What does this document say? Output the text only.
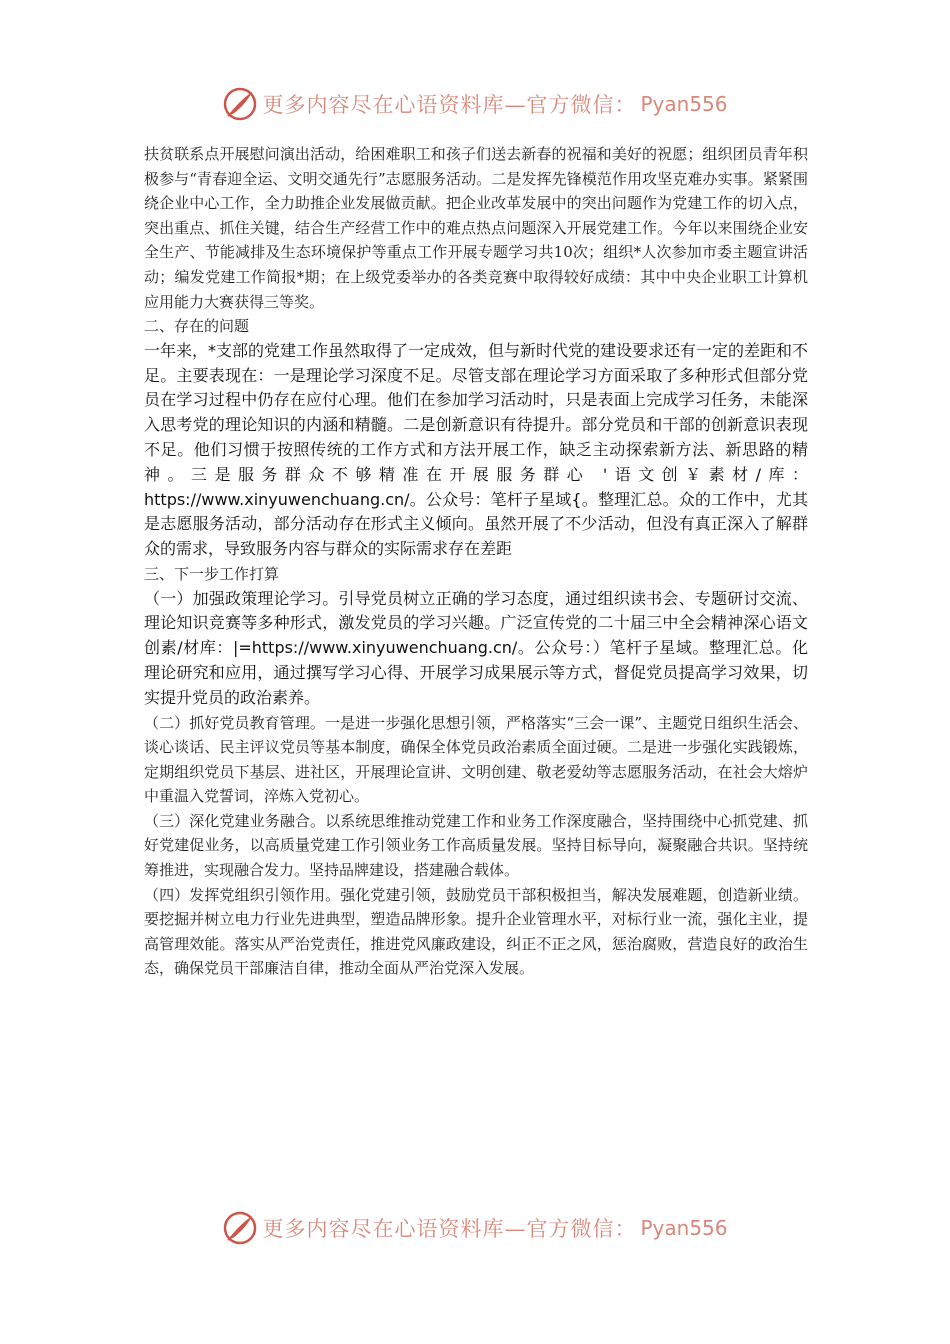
更多内容尽在心语资料库—官方微信： Pyan556

扶贫联系点开展慰问演出活动，给困难职工和孩子们送去新春的祝福和美好的祝愿；组织团员青年积极参与“青春迎全运、文明交通先行”志愿服务活动。二是发挥先锋模范作用攻坚克难办实事。紧紧围绕企业中心工作，全力助推企业发展做贡献。把企业改革发展中的突出问题作为党建工作的切入点，突出重点、抓住关键，结合生产经营工作中的难点热点问题深入开展党建工作。今年以来围绕企业安全生产、节能减排及生态环境保护等重点工作开展专题学习共10次；组织*人次参加市委主题宣讲活动；编发党建工作简报*期；在上级党委举办的各类竞赛中取得较好成绩：其中中央企业职工计算机应用能力大赛获得三等奖。

二、存在的问题

一年来，*支部的党建工作虽然取得了一定成效，但与新时代党的建设要求还有一定的差距和不足。主要表现在：一是理论学习深度不足。尽管支部在理论学习方面采取了多种形式但部分党员在学习过程中仍存在应付心理。他们在参加学习活动时，只是表面上完成学习任务，未能深入思考党的理论知识的内涵和精髓。二是创新意识有待提升。部分党员和干部的创新意识表现不足。他们习惯于按照传统的工作方式和方法开展工作，缺乏主动探索新方法、新思路的精神。三是服务群众不够精准在开展服务群心 '语文创￥素材/库：https://www.xinyuwenchuang.cn/。公众号：笔杆子星域{。整理汇总。众的工作中，尤其是志愿服务活动，部分活动存在形式主义倾向。虽然开展了不少活动，但没有真正深入了解群众的需求，导致服务内容与群众的实际需求存在差距

三、下一步工作打算

（一）加强政策理论学习。引导党员树立正确的学习态度，通过组织读书会、专题研讨交流、理论知识竞赛等多种形式，激发党员的学习兴趣。广泛宣传党的二十届三中全会精神深心语文创素/材库：|=https://www.xinyuwenchuang.cn/。公众号：）笔杆子星域。整理汇总。化理论研究和应用，通过撰写学习心得、开展学习成果展示等方式，督促党员提高学习效果，切实提升党员的政治素养。

（二）抓好党员教育管理。一是进一步强化思想引领，严格落实“三会一课”、主题党日组织生活会、谈心谈话、民主评议党员等基本制度，确保全体党员政治素质全面过硬。二是进一步强化实践锻炼，定期组织党员下基层、进社区，开展理论宣讲、文明创建、敬老爱幼等志愿服务活动，在社会大熔炉中重温入党誓词，淬炼入党初心。

（三）深化党建业务融合。以系统思维推动党建工作和业务工作深度融合，坚持围绕中心抓党建、抓好党建促业务，以高质量党建工作引领业务工作高质量发展。坚持目标导向，凝聚融合共识。坚持统筹推进，实现融合发力。坚持品牌建设，搭建融合载体。

（四）发挥党组织引领作用。强化党建引领，鼓励党员干部积极担当，解决发展难题，创造新业绩。要挖掘并树立电力行业先进典型，塑造品牌形象。提升企业管理水平，对标行业一流，强化主业，提高管理效能。落实从严治党责任，推进党风廉政建设，纠正不正之风，惩治腐败，营造良好的政治生态，确保党员干部廉洁自律，推动全面从严治党深入发展。

更多内容尽在心语资料库—官方微信： Pyan556
